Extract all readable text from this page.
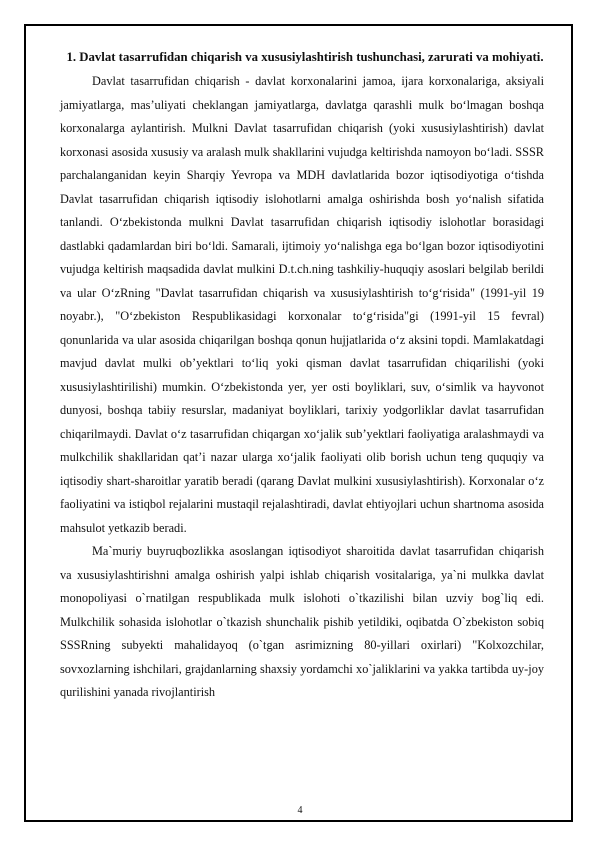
1. Davlat tasarrufidan chiqarish va xususiylashtirish tushunchasi, zarurati va mohiyati.

Davlat tasarrufidan chiqarish - davlat korxonalarini jamoa, ijara korxonalariga, aksiyali jamiyatlarga, mas’uliyati cheklangan jamiyatlarga, davlatga qarashli mulk bo‘lmagan boshqa korxonalarga aylantirish. Mulkni Davlat tasarrufidan chiqarish (yoki xususiylashtirish) davlat korxonasi asosida xususiy va aralash mulk shakllarini vujudga keltirishda namoyon bo‘ladi. SSSR parchalanganidan keyin Sharqiy Yevropa va MDH davlatlarida bozor iqtisodiyotiga o‘tishda Davlat tasarrufidan chiqarish iqtisodiy islohotlarni amalga oshirishda bosh yo‘nalish sifatida tanlandi. O‘zbekistonda mulkni Davlat tasarrufidan chiqarish iqtisodiy islohotlar borasidagi dastlabki qadamlardan biri bo‘ldi. Samarali, ijtimoiy yo‘nalishga ega bo‘lgan bozor iqtisodiyotini vujudga keltirish maqsadida davlat mulkini D.t.ch.ning tashkiliy-huquqiy asoslari belgilab berildi va ular O‘zRning "Davlat tasarrufidan chiqarish va xususiylashtirish to‘g‘risida" (1991-yil 19 noyabr.), "O‘zbekiston Respublikasidagi korxonalar to‘g‘risida"gi (1991-yil 15 fevral) qonunlarida va ular asosida chiqarilgan boshqa qonun hujjatlarida o‘z aksini topdi. Mamlakatdagi mavjud davlat mulki ob’yektlari to‘liq yoki qisman davlat tasarrufidan chiqarilishi (yoki xususiylashtirilishi) mumkin. O‘zbekistonda yer, yer osti boyliklari, suv, o‘simlik va hayvonot dunyosi, boshqa tabiiy resurslar, madaniyat boyliklari, tarixiy yodgorliklar davlat tasarrufidan chiqarilmaydi. Davlat o‘z tasarrufidan chiqargan xo‘jalik sub’yektlari faoliyatiga aralashmaydi va mulkchilik shakllaridan qat’i nazar ularga xo‘jalik faoliyati olib borish uchun teng ququqiy va iqtisodiy shart-sharoitlar yaratib beradi (qarang Davlat mulkini xususiylashtirish). Korxonalar o‘z faoliyatini va istiqbol rejalarini mustaqil rejalashtiradi, davlat ehtiyojlari uchun shartnoma asosida mahsulot yetkazib beradi.

Ma`muriy buyruqbozlikka asoslangan iqtisodiyot sharoitida davlat tasarrufidan chiqarish va xususiylashtirishni amalga oshirish yalpi ishlab chiqarish vositalariga, ya`ni mulkka davlat monopoliyasi o`rnatilgan respublikada mulk islohoti o`tkazilishi bilan uzviy bog`liq edi. Mulkchilik sohasida islohotlar o`tkazish shunchalik pishib yetildiki, oqibatda O`zbekiston sobiq SSSRning subyekti mahalidayoq (o`tgan asrimizning 80-yillari oxirlari) "Kolxozchilar, sovxozlarning ishchilari, grajdanlarning shaxsiy yordamchi xo`jaliklarini va yakka tartibda uy-joy qurilishini yanada rivojlantirish

4
